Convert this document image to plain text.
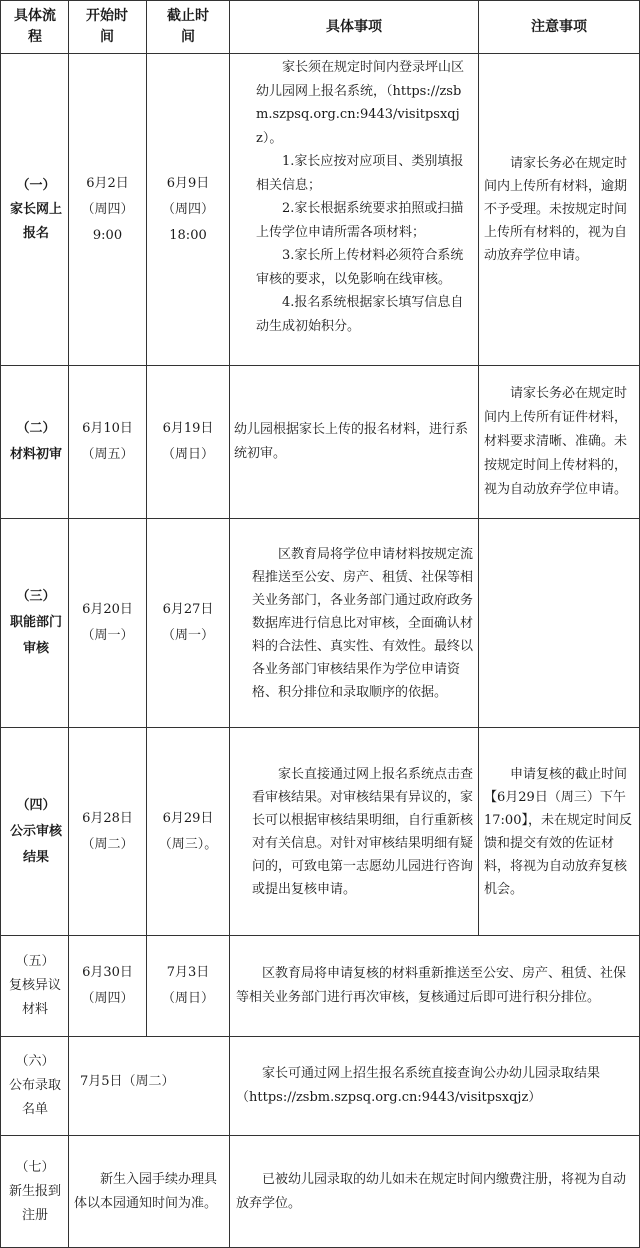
具体流程
开始时间
截止时间
具体事项	注意事项
（一）
家长网上报名
6月2日
（周四）
9:00
6月9日
（周四）
18:00

家长须在规定时间内登录坪山区幼儿园网上报名系统，（https://zsbm.szpsq.org.cn:9443/visitpsxqjz）。

1.家长应按对应项目、类别填报相关信息；

2.家长根据系统要求拍照或扫描上传学位申请所需各项材料；

3.家长所上传材料必须符合系统审核的要求，以免影响在线审核。

4.报名系统根据家长填写信息自动生成初始积分。

请家长务必在规定时间内上传所有材料，逾期不予受理。未按规定时间上传所有材料的，视为自动放弃学位申请。

（二）
材料初审
6月10日
（周五）
6月19日
（周日）

幼儿园根据家长上传的报名材料，进行系统初审。

请家长务必在规定时间内上传所有证件材料，材料要求清晰、准确。未按规定时间上传材料的，视为自动放弃学位申请。

（三）
职能部门审核
6月20日
（周一）
6月27日
（周一）

区教育局将学位申请材料按规定流程推送至公安、房产、租赁、社保等相关业务部门，各业务部门通过政府政务数据库进行信息比对审核，全面确认材料的合法性、真实性、有效性。最终以各业务部门审核结果作为学位申请资格、积分排位和录取顺序的依据。

（四）
公示审核结果
6月28日
（周二）
6月29日
（周三）。

家长直接通过网上报名系统点击查看审核结果。对审核结果有异议的，家长可以根据审核结果明细，自行重新核对有关信息。对针对审核结果明细有疑问的，可致电第一志愿幼儿园进行咨询或提出复核申请。

申请复核的截止时间【6月29日（周三）下午17:00】，未在规定时间反馈和提交有效的佐证材料，将视为自动放弃复核机会。

（五）
复核异议材料
6月30日
（周四）
7月3日
（周日）

区教育局将申请复核的材料重新推送至公安、房产、租赁、社保等相关业务部门进行再次审核，复核通过后即可进行积分排位。

（六）
公布录取名单
7月5日（周二）

家长可通过网上招生报名系统直接查询公办幼儿园录取结果（https://zsbm.szpsq.org.cn:9443/visitpsxqjz）

（七）
新生报到注册

新生入园手续办理具体以本园通知时间为准。

已被幼儿园录取的幼儿如未在规定时间内缴费注册，将视为自动放弃学位。
